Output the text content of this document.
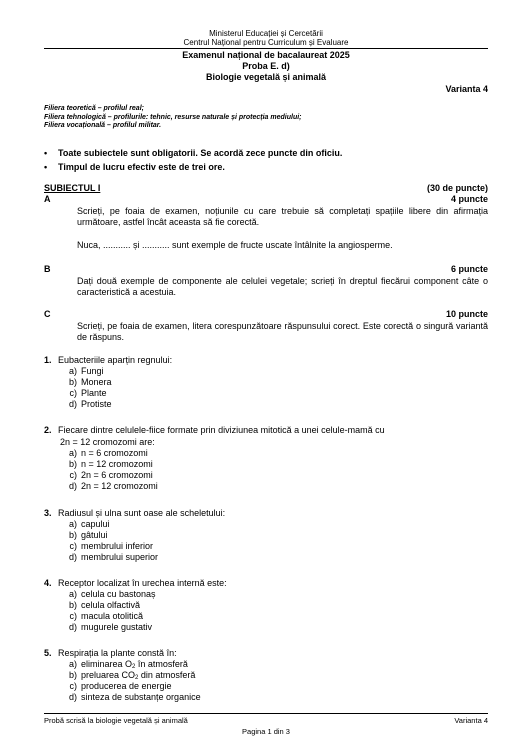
Ministerul Educației și Cercetării
Centrul Național pentru Curriculum și Evaluare
Examenul național de bacalaureat 2025
Proba E. d)
Biologie vegetală și animală
Varianta 4
Filiera teoretică – profilul real;
Filiera tehnologică – profilurile: tehnic, resurse naturale și protecția mediului;
Filiera vocațională – profilul militar.
•	Toate subiectele sunt obligatorii. Se acordă zece puncte din oficiu.
•	Timpul de lucru efectiv este de trei ore.
SUBIECTUL I	(30 de puncte)
A	4 puncte
Scrieți, pe foaia de examen, noțiunile cu care trebuie să completați spațiile libere din afirmația următoare, astfel încât aceasta să fie corectă.
Nuca, ........... și ........... sunt exemple de fructe uscate întâlnite la angiosperme.
B	6 puncte
Dați două exemple de componente ale celulei vegetale; scrieți în dreptul fiecărui component câte o caracteristică a acestuia.
C	10 puncte
Scrieți, pe foaia de examen, litera corespunzătoare răspunsului corect. Este corectă o singură variantă de răspuns.
1. Eubacteriile aparțin regnului:
a) Fungi
b) Monera
c) Plante
d) Protiste
2. Fiecare dintre celulele-fiice formate prin diviziunea mitotică a unei celule-mamă cu
2n = 12 cromozomi are:
a) n = 6 cromozomi
b) n = 12 cromozomi
c) 2n = 6 cromozomi
d) 2n = 12 cromozomi
3. Radiusul și ulna sunt oase ale scheletului:
a) capului
b) gâtului
c) membrului inferior
d) membrului superior
4. Receptor localizat în urechea internă este:
a) celula cu bastonaș
b) celula olfactivă
c) macula otolitică
d) mugurele gustativ
5. Respirația la plante constă în:
a) eliminarea $O_2$ în atmosferă
b) preluarea $CO_2$ din atmosferă
c) producerea de energie
d) sinteza de substanțe organice
Probă scrisă la biologie vegetală și animală	Varianta 4
Pagina 1 din 3
